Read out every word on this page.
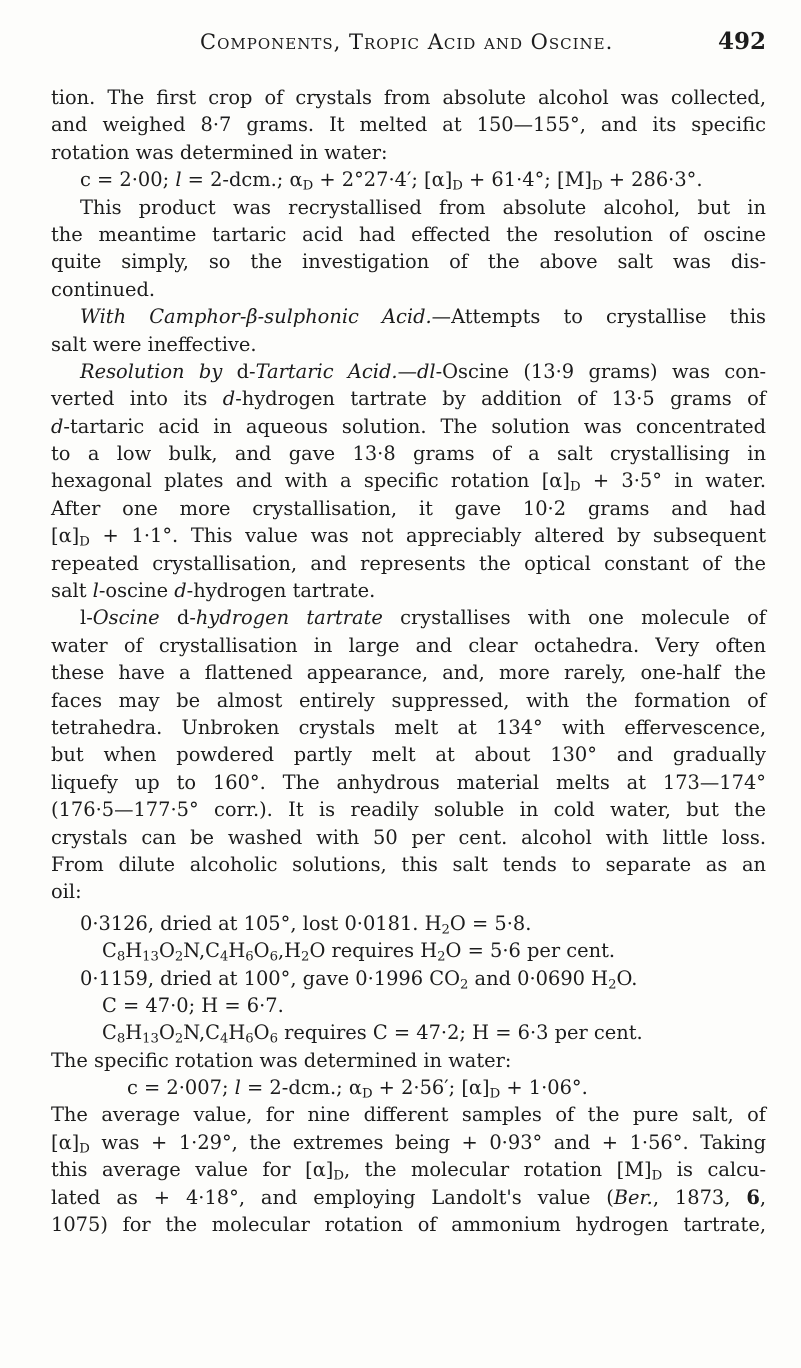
Components, Tropic Acid and Oscine.	492
tion. The first crop of crystals from absolute alcohol was collected,
and weighed 8·7 grams. It melted at 150—155°, and its specific
rotation was determined in water:
c = 2·00; l = 2-dcm.; $\alpha_D + 2^\circ 27\cdot 4'$; $[\alpha]_D + 61\cdot 4^\circ$; $[M]_D + 286\cdot 3^\circ$.
This product was recrystallised from absolute alcohol, but in
the meantime tartaric acid had effected the resolution of oscine
quite simply, so the investigation of the above salt was dis-
continued.
With Camphor-β-sulphonic Acid.—Attempts to crystallise this
salt were ineffective.
Resolution by d-Tartaric Acid.—dl-Oscine (13·9 grams) was con-
verted into its d-hydrogen tartrate by addition of 13·5 grams of
d-tartaric acid in aqueous solution. The solution was concentrated
to a low bulk, and gave 13·8 grams of a salt crystallising in
hexagonal plates and with a specific rotation $[\alpha]_D + 3\cdot 5^\circ$ in water.
After one more crystallisation, it gave 10·2 grams and had
$[\alpha]_D + 1\cdot 1^\circ$. This value was not appreciably altered by subsequent
repeated crystallisation, and represents the optical constant of the
salt l-oscine d-hydrogen tartrate.
l-Oscine d-hydrogen tartrate crystallises with one molecule of
water of crystallisation in large and clear octahedra. Very often
these have a flattened appearance, and, more rarely, one-half the
faces may be almost entirely suppressed, with the formation of
tetrahedra. Unbroken crystals melt at 134° with effervescence,
but when powdered partly melt at about 130° and gradually
liquefy up to 160°. The anhydrous material melts at 173—174°
(176·5—177·5° corr.). It is readily soluble in cold water, but the
crystals can be washed with 50 per cent. alcohol with little loss.
From dilute alcoholic solutions, this salt tends to separate as an
oil:
0·3126, dried at 105°, lost 0·0181. $H_2O = 5\cdot 8$.
$C_8H_{13}O_2N,C_4H_6O_6,H_2O$ requires $H_2O = 5\cdot 6$ per cent.
0·1159, dried at 100°, gave 0·1996 $CO_2$ and 0·0690 $H_2O$.
C = 47·0; H = 6·7.
$C_8H_{13}O_2N,C_4H_6O_6$ requires C = 47·2; H = 6·3 per cent.
The specific rotation was determined in water:
c = 2·007; l = 2-dcm.; $\alpha_D + 2\cdot 56'$; $[\alpha]_D + 1\cdot 06^\circ$.
The average value, for nine different samples of the pure salt, of
$[\alpha]_D$ was + 1·29°, the extremes being + 0·93° and + 1·56°. Taking
this average value for $[\alpha]_D$, the molecular rotation $[M]_D$ is calcu-
lated as + 4·18°, and employing Landolt's value (Ber., 1873, 6,
1075) for the molecular rotation of ammonium hydrogen tartrate,
